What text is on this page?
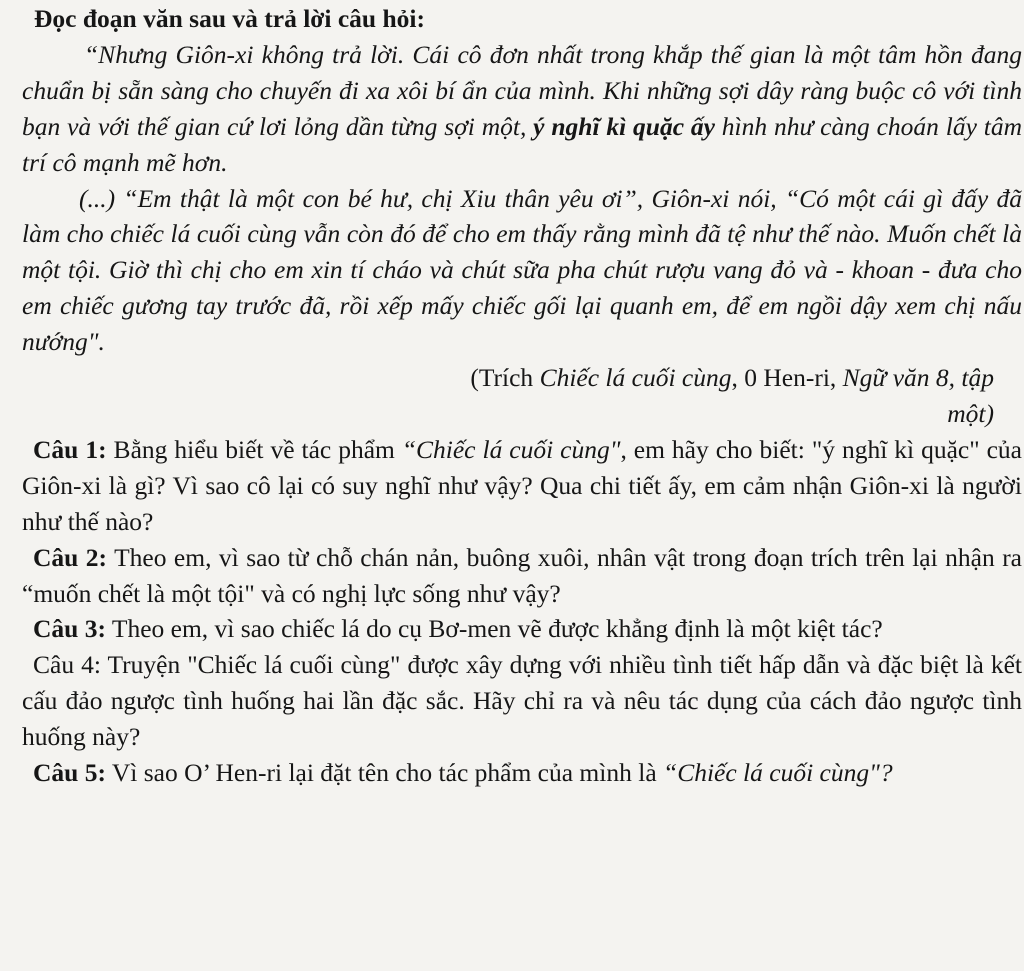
Đọc đoạn văn sau và trả lời câu hỏi:

“Nhưng Giôn-xi không trả lời. Cái cô đơn nhất trong khắp thế gian là một tâm hồn đang chuẩn bị sẵn sàng cho chuyến đi xa xôi bí ẩn của mình. Khi những sợi dây ràng buộc cô với tình bạn và với thế gian cứ lơi lỏng dần từng sợi một, ý nghĩ kì quặc ấy hình như càng choán lấy tâm trí cô mạnh mẽ hơn.

(...) “Em thật là một con bé hư, chị Xiu thân yêu ơi”, Giôn-xi nói, “Có một cái gì đấy đã làm cho chiếc lá cuối cùng vẫn còn đó để cho em thấy rằng mình đã tệ như thế nào. Muốn chết là một tội. Giờ thì chị cho em xin tí cháo và chút sữa pha chút rượu vang đỏ và - khoan - đưa cho em chiếc gương tay trước đã, rồi xếp mấy chiếc gối lại quanh em, để em ngồi dậy xem chị nấu nướng".

(Trích Chiếc lá cuối cùng, 0 Hen-ri, Ngữ văn 8, tập

một)

Câu 1: Bằng hiểu biết về tác phẩm “Chiếc lá cuối cùng", em hãy cho biết: "ý nghĩ kì quặc" của Giôn-xi là gì? Vì sao cô lại có suy nghĩ như vậy? Qua chi tiết ấy, em cảm nhận Giôn-xi là người như thế nào?

Câu 2: Theo em, vì sao từ chỗ chán nản, buông xuôi, nhân vật trong đoạn trích trên lại nhận ra “muốn chết là một tội" và có nghị lực sống như vậy?

Câu 3: Theo em, vì sao chiếc lá do cụ Bơ-men vẽ được khẳng định là một kiệt tác?

Câu 4: Truyện "Chiếc lá cuối cùng" được xây dựng với nhiều tình tiết hấp dẫn và đặc biệt là kết cấu đảo ngược tình huống hai lần đặc sắc. Hãy chỉ ra và nêu tác dụng của cách đảo ngược tình huống này?

Câu 5: Vì sao O’ Hen-ri lại đặt tên cho tác phẩm của mình là “Chiếc lá cuối cùng"?
